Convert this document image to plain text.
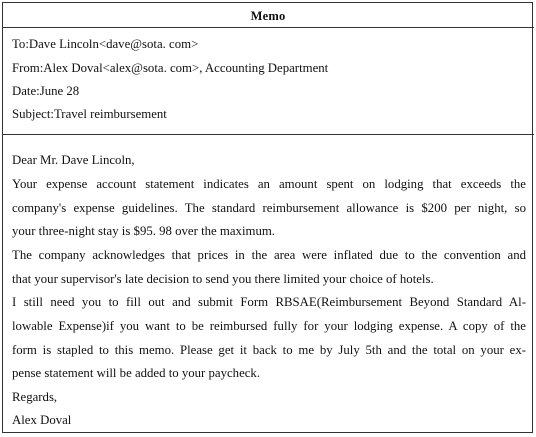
Memo
To:Dave Lincoln<dave@sota. com>
From:Alex Doval<alex@sota. com>, Accounting Department
Date:June 28
Subject:Travel reimbursement
Dear Mr. Dave Lincoln,
Your expense account statement indicates an amount spent on lodging that exceeds the
company's expense guidelines. The standard reimbursement allowance is $200 per night, so
your three-night stay is $95. 98 over the maximum.
The company acknowledges that prices in the area were inflated due to the convention and
that your supervisor's late decision to send you there limited your choice of hotels.
I still need you to fill out and submit Form RBSAE(Reimbursement Beyond Standard Al-
lowable Expense)if you want to be reimbursed fully for your lodging expense. A copy of the
form is stapled to this memo. Please get it back to me by July 5th and the total on your ex-
pense statement will be added to your paycheck.
Regards,
Alex Doval
